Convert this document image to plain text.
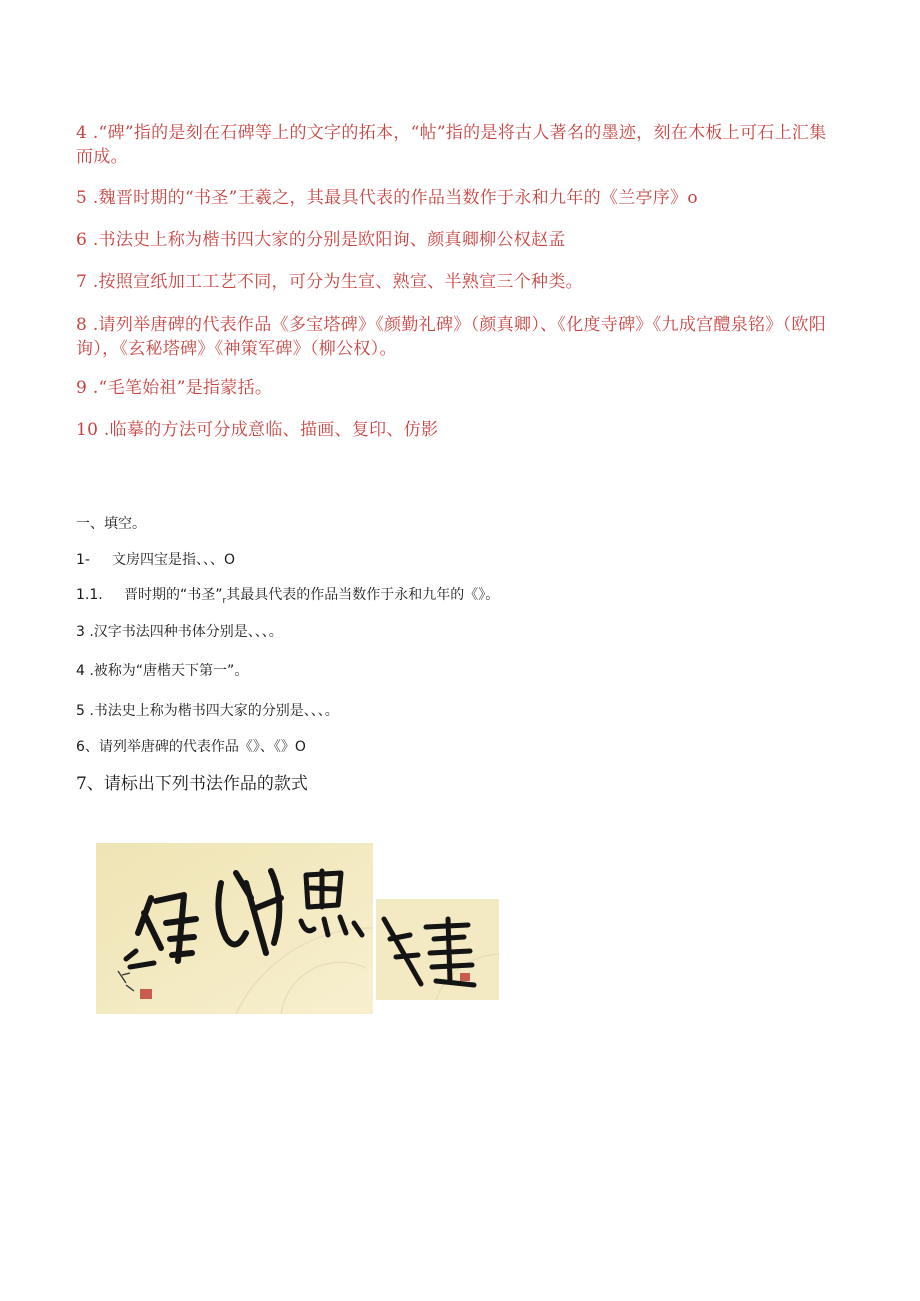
4 .“碑”指的是刻在石碑等上的文字的拓本，“帖”指的是将古人著名的墨迹，刻在木板上可石上汇集而成。

5 .魏晋时期的“书圣”王羲之，其最具代表的作品当数作于永和九年的《兰亭序》o

6 .书法史上称为楷书四大家的分别是欧阳询、颜真卿柳公权赵孟

7 .按照宣纸加工工艺不同，可分为生宣、熟宣、半熟宣三个种类。

8 .请列举唐碑的代表作品《多宝塔碑》《颜勤礼碑》（颜真卿）、《化度寺碑》《九成宫醴泉铭》（欧阳询），《玄秘塔碑》《神策军碑》（柳公权）。

9 .“毛笔始祖”是指蒙括。

10 .临摹的方法可分成意临、描画、复印、仿影

一、填空。

1- 文房四宝是指、、、O

1.1. 晋时期的“书圣$”_r$其最具代表的作品当数作于永和九年的《》。

3 .汉字书法四种书体分别是、、、。

4 .被称为“唐楷天下第一”。

5 .书法史上称为楷书四大家的分别是、、、。

6、请列举唐碑的代表作品《》、《》O

7、请标出下列书法作品的款式
